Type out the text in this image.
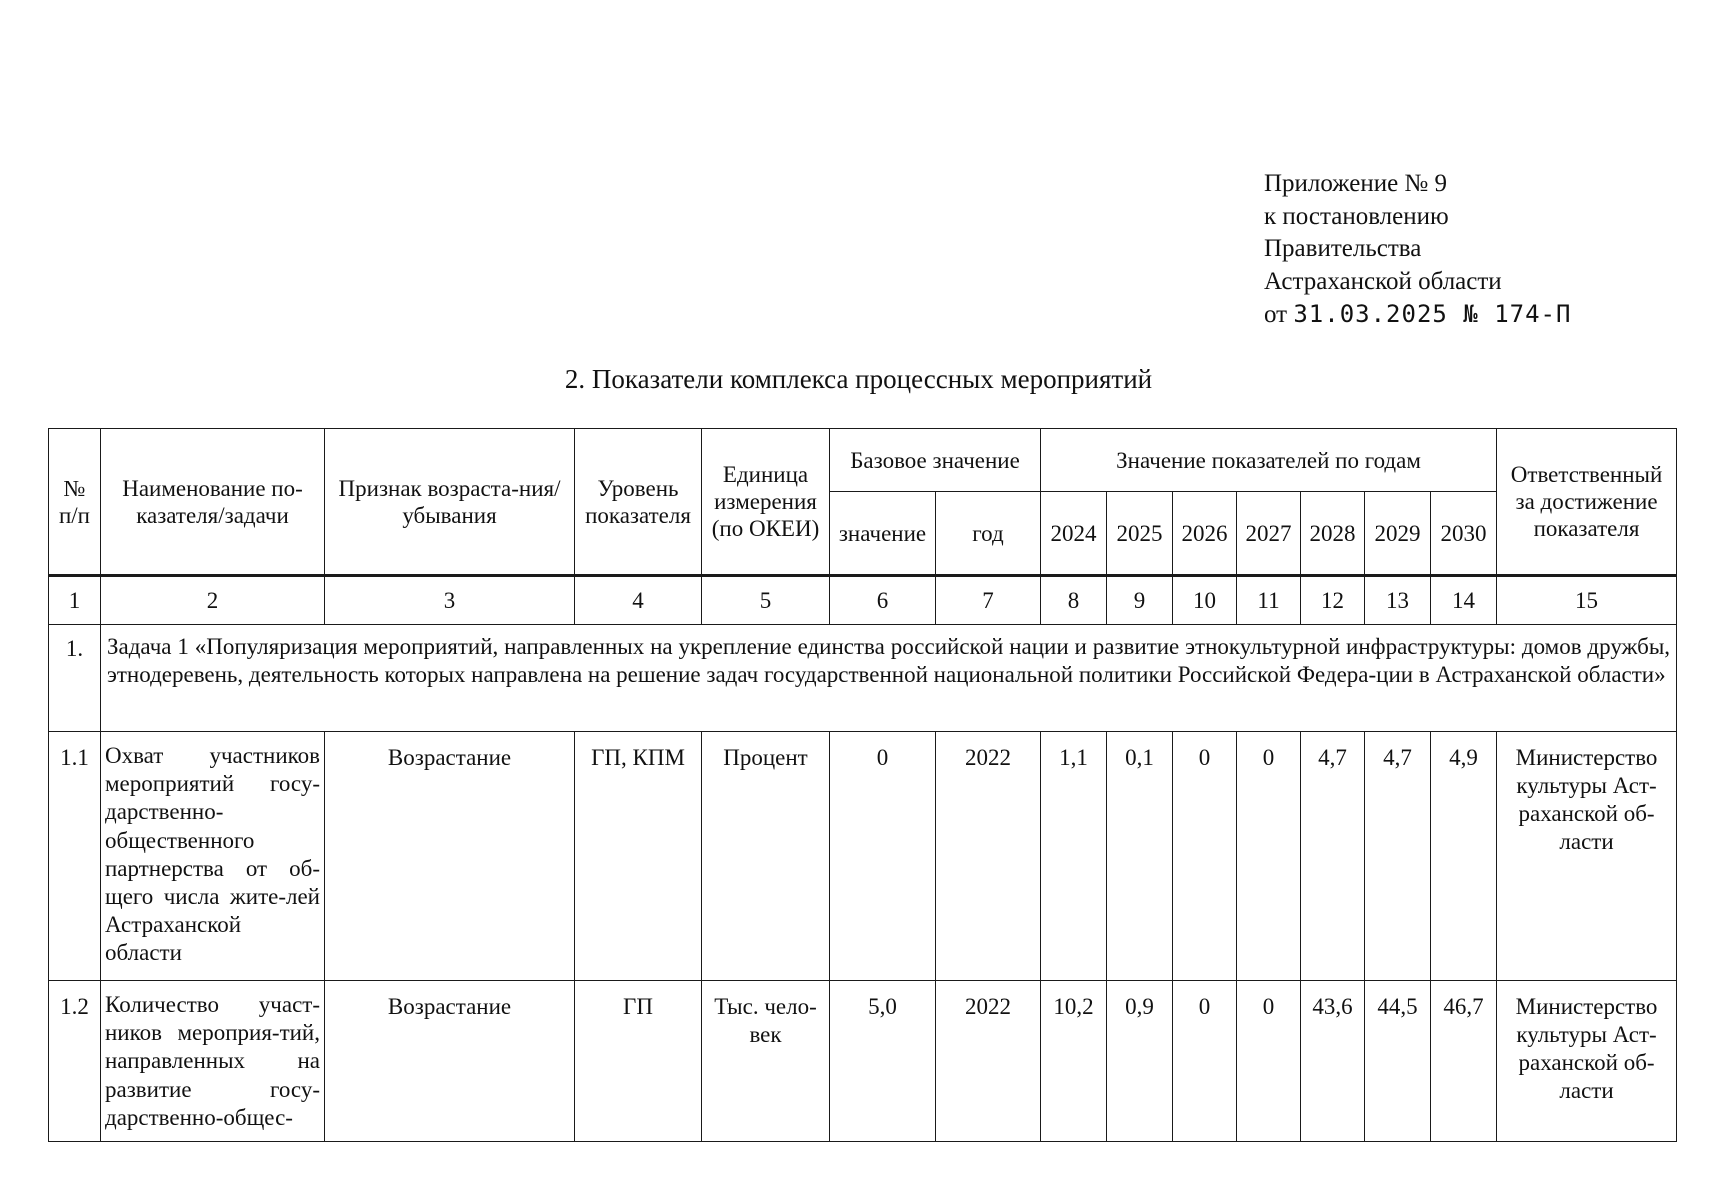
Приложение № 9
к постановлению
Правительства
Астраханской области
от 31.03.2025 № 174-П
2. Показатели комплекса процессных мероприятий
№ п/п	Наименование по-казателя/задачи	Признак возраста-ния/убывания	Уровень показателя	Единица измерения (по ОКЕИ)	Базовое значение		Значение показателей по годам							Ответственный за достижение показателя
					значение	год	2024	2025	2026	2027	2028	2029	2030	
1	2	3	4	5	6	7	8	9	10	11	12	13	14	15
1.	Задача 1 «Популяризация мероприятий, направленных на укрепление единства российской нации и развитие этнокультурной инфраструктуры: домов дружбы, этнодеревень, деятельность которых направлена на решение задач государственной национальной политики Российской Федера-ции в Астраханской области»													
1.1	Охват участников мероприятий госу-дарственно-общественного партнерства от об-щего числа жите-лей Астраханской области	Возрастание	ГП, КПМ	Процент	0	2022	1,1	0,1	0	0	4,7	4,7	4,9	Министерство культуры Аст-раханской об-ласти
1.2	Количество участ-ников мероприя-тий, направленных на развитие госу-дарственно-общес-	Возрастание	ГП	Тыс. чело-век	5,0	2022	10,2	0,9	0	0	43,6	44,5	46,7	Министерство культуры Аст-раханской об-ласти
